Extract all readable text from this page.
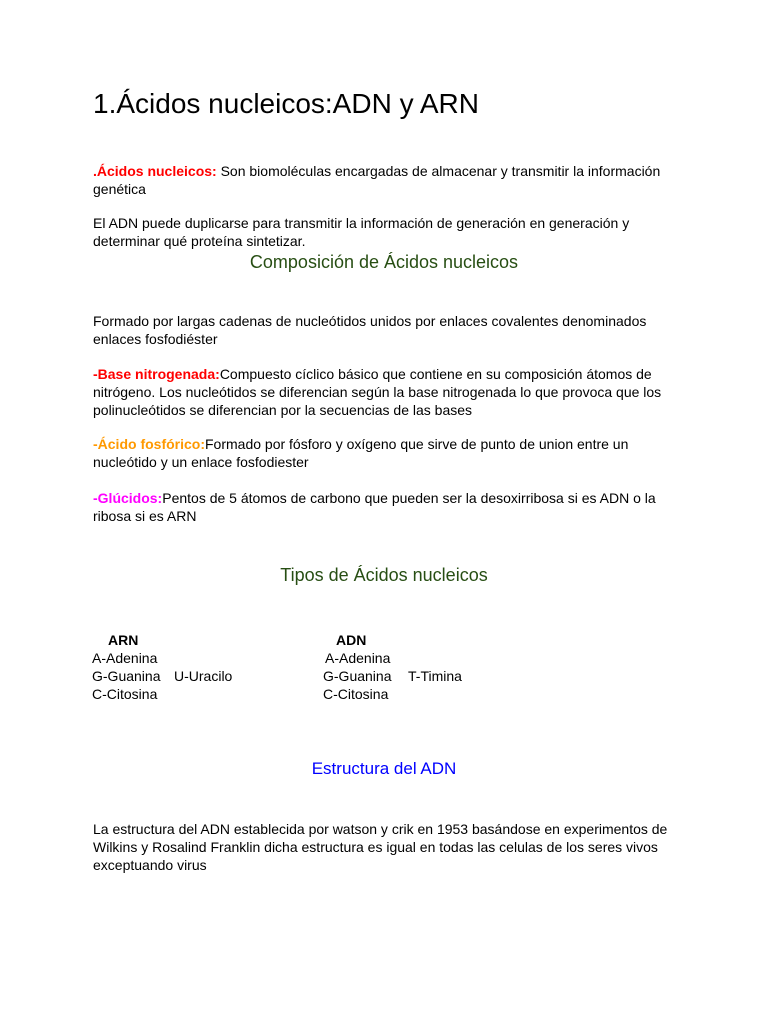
1.Ácidos nucleicos:ADN y ARN

.Ácidos nucleicos: Son biomoléculas encargadas de almacenar y transmitir la información genética

El ADN puede duplicarse para transmitir la información de generación en generación y determinar qué proteína sintetizar.

Composición de Ácidos nucleicos

Formado por largas cadenas de nucleótidos unidos por enlaces covalentes denominados enlaces fosfodiéster

-Base nitrogenada:Compuesto cíclico básico que contiene en su composición átomos de nitrógeno. Los nucleótidos se diferencian según la base nitrogenada lo que provoca que los polinucleótidos se diferencian por la secuencias de las bases

-Ácido fosfórico:Formado por fósforo y oxígeno que sirve de punto de union entre un nucleótido y un enlace fosfodiester

-Glúcidos:Pentos de 5 átomos de carbono que pueden ser la desoxirribosa si es ADN o la ribosa si es ARN

Tipos de Ácidos nucleicos
ARN
A-Adenina
G-Guanina U-Uracilo
C-Citosina
ADN
A-Adenina
G-Guanina T-Timina
C-Citosina
Estructura del ADN

La estructura del ADN establecida por watson y crik en 1953 basándose en experimentos de Wilkins y Rosalind Franklin dicha estructura es igual en todas las celulas de los seres vivos exceptuando virus
